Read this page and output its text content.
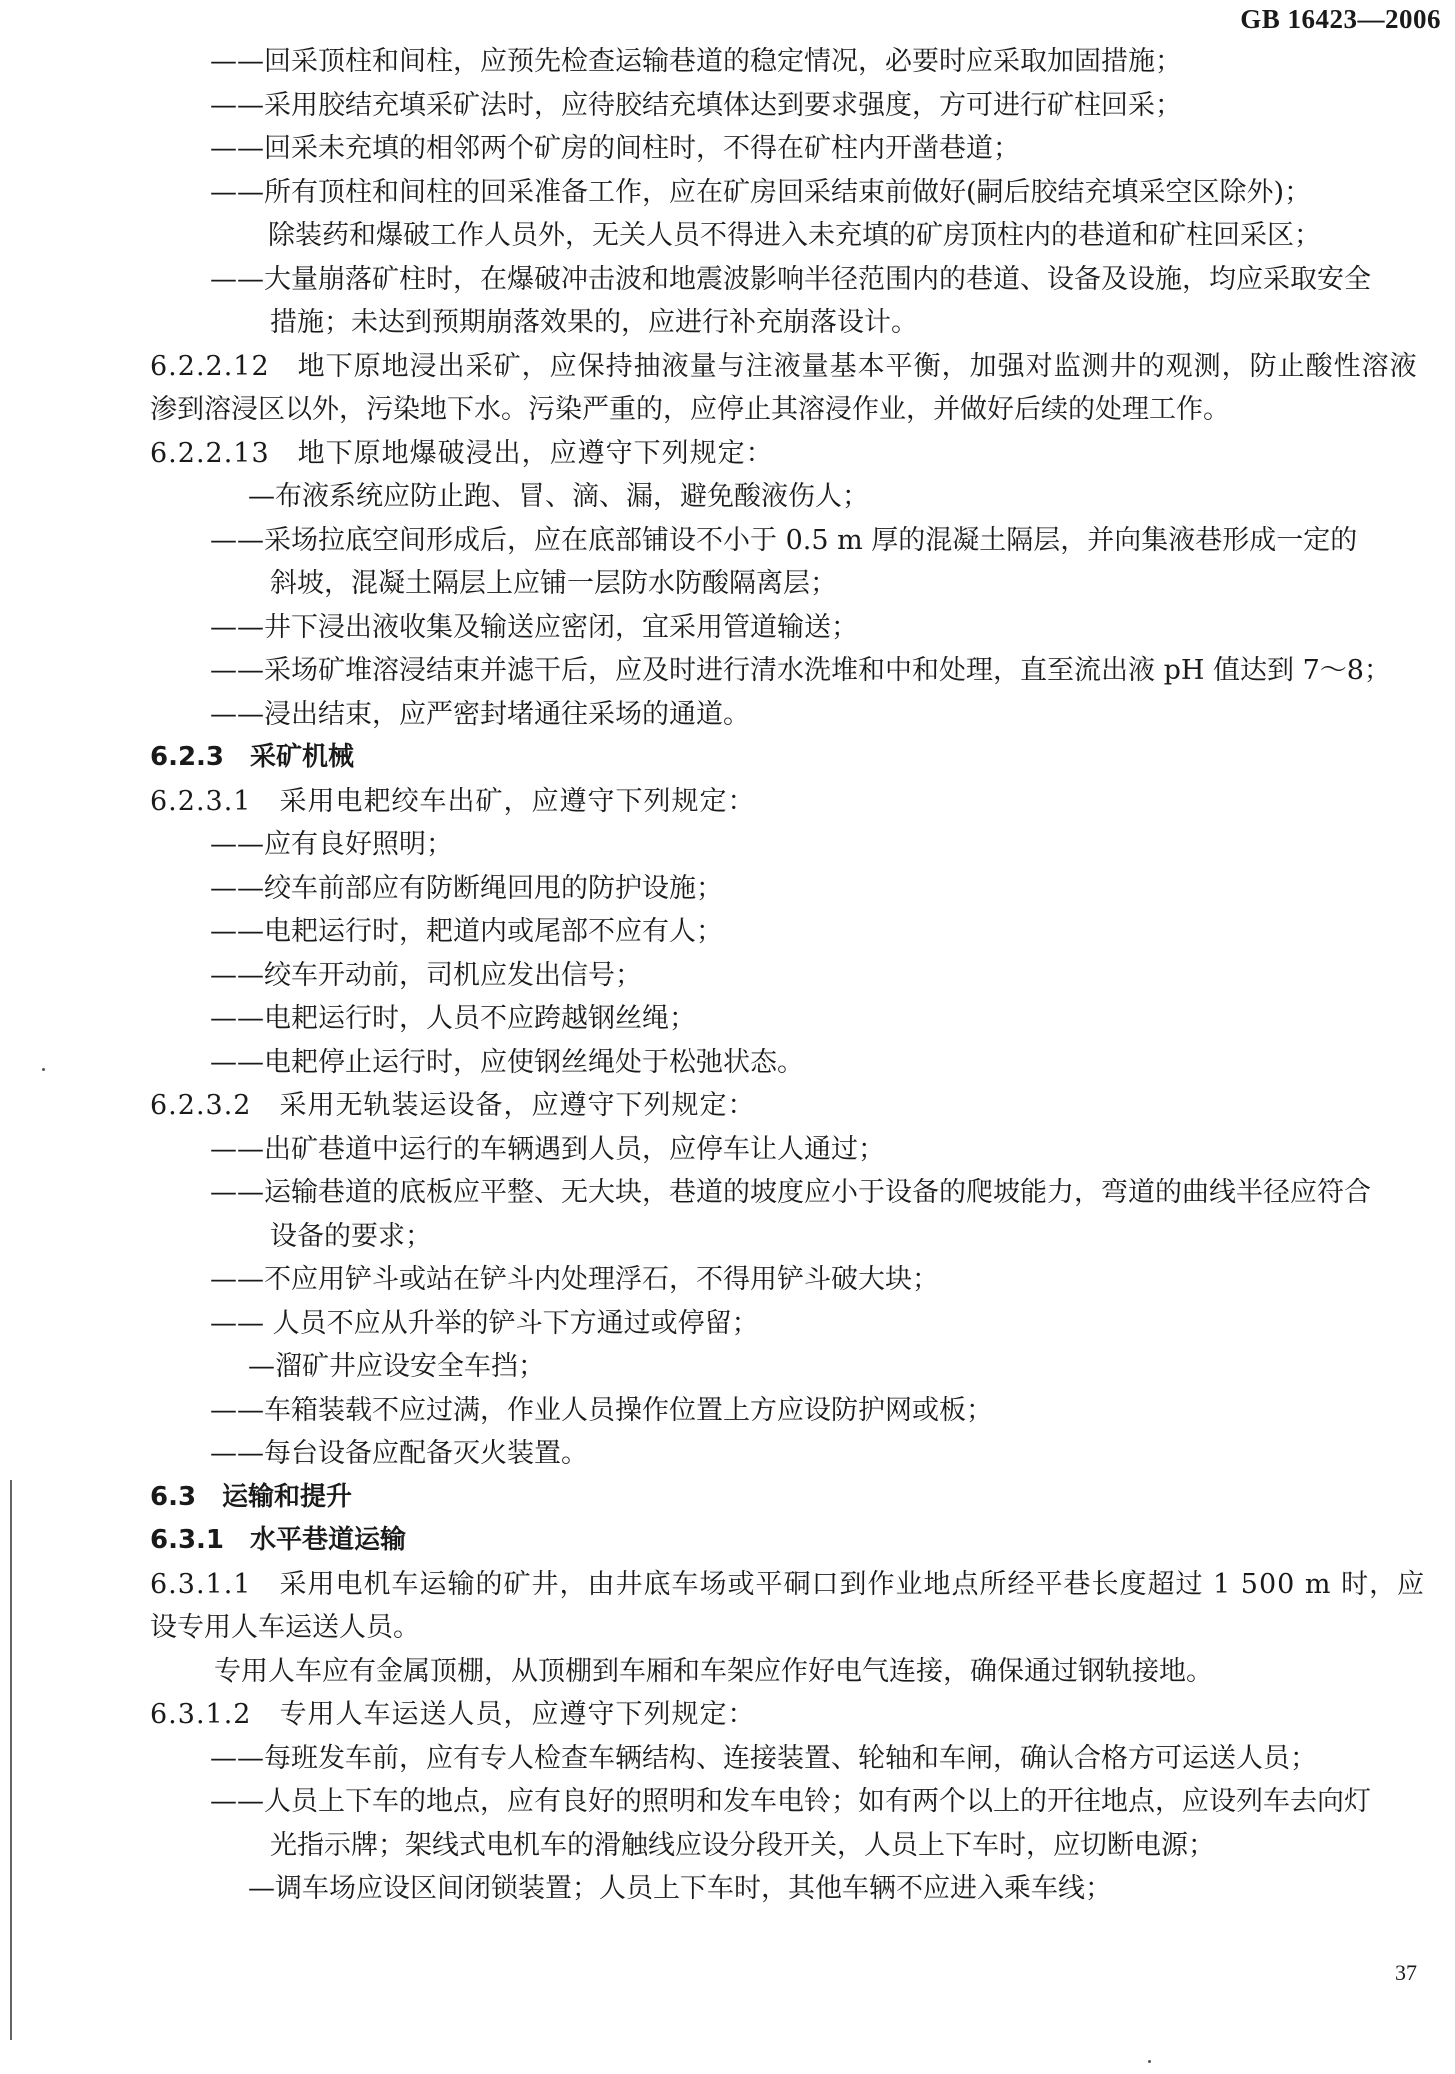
GB 16423—2006
——回采顶柱和间柱，应预先检查运输巷道的稳定情况，必要时应采取加固措施；
——采用胶结充填采矿法时，应待胶结充填体达到要求强度，方可进行矿柱回采；
——回采未充填的相邻两个矿房的间柱时，不得在矿柱内开凿巷道；
——所有顶柱和间柱的回采准备工作，应在矿房回采结束前做好(嗣后胶结充填采空区除外)；
除装药和爆破工作人员外，无关人员不得进入未充填的矿房顶柱内的巷道和矿柱回采区；
——大量崩落矿柱时，在爆破冲击波和地震波影响半径范围内的巷道、设备及设施，均应采取安全
措施；未达到预期崩落效果的，应进行补充崩落设计。
6.2.2.12　地下原地浸出采矿，应保持抽液量与注液量基本平衡，加强对监测井的观测，防止酸性溶液
渗到溶浸区以外，污染地下水。污染严重的，应停止其溶浸作业，并做好后续的处理工作。
6.2.2.13　地下原地爆破浸出，应遵守下列规定：
—布液系统应防止跑、冒、滴、漏，避免酸液伤人；
——采场拉底空间形成后，应在底部铺设不小于 0.5 m 厚的混凝土隔层，并向集液巷形成一定的
斜坡，混凝土隔层上应铺一层防水防酸隔离层；
——井下浸出液收集及输送应密闭，宜采用管道输送；
——采场矿堆溶浸结束并滤干后，应及时进行清水洗堆和中和处理，直至流出液 pH 值达到 7～8；
——浸出结束，应严密封堵通往采场的通道。
6.2.3　采矿机械
6.2.3.1　采用电耙绞车出矿，应遵守下列规定：
——应有良好照明；
——绞车前部应有防断绳回甩的防护设施；
——电耙运行时，耙道内或尾部不应有人；
——绞车开动前，司机应发出信号；
——电耙运行时，人员不应跨越钢丝绳；
——电耙停止运行时，应使钢丝绳处于松弛状态。
6.2.3.2　采用无轨装运设备，应遵守下列规定：
——出矿巷道中运行的车辆遇到人员，应停车让人通过；
——运输巷道的底板应平整、无大块，巷道的坡度应小于设备的爬坡能力，弯道的曲线半径应符合
设备的要求；
——不应用铲斗或站在铲斗内处理浮石，不得用铲斗破大块；
—— 人员不应从升举的铲斗下方通过或停留；
—溜矿井应设安全车挡；
——车箱装载不应过满，作业人员操作位置上方应设防护网或板；
——每台设备应配备灭火装置。
6.3　运输和提升
6.3.1　水平巷道运输
6.3.1.1　采用电机车运输的矿井，由井底车场或平硐口到作业地点所经平巷长度超过 1 500 m 时，应
设专用人车运送人员。
专用人车应有金属顶棚，从顶棚到车厢和车架应作好电气连接，确保通过钢轨接地。
6.3.1.2　专用人车运送人员，应遵守下列规定：
——每班发车前，应有专人检查车辆结构、连接装置、轮轴和车闸，确认合格方可运送人员；
——人员上下车的地点，应有良好的照明和发车电铃；如有两个以上的开往地点，应设列车去向灯
光指示牌；架线式电机车的滑触线应设分段开关，人员上下车时，应切断电源；
—调车场应设区间闭锁装置；人员上下车时，其他车辆不应进入乘车线；
37
